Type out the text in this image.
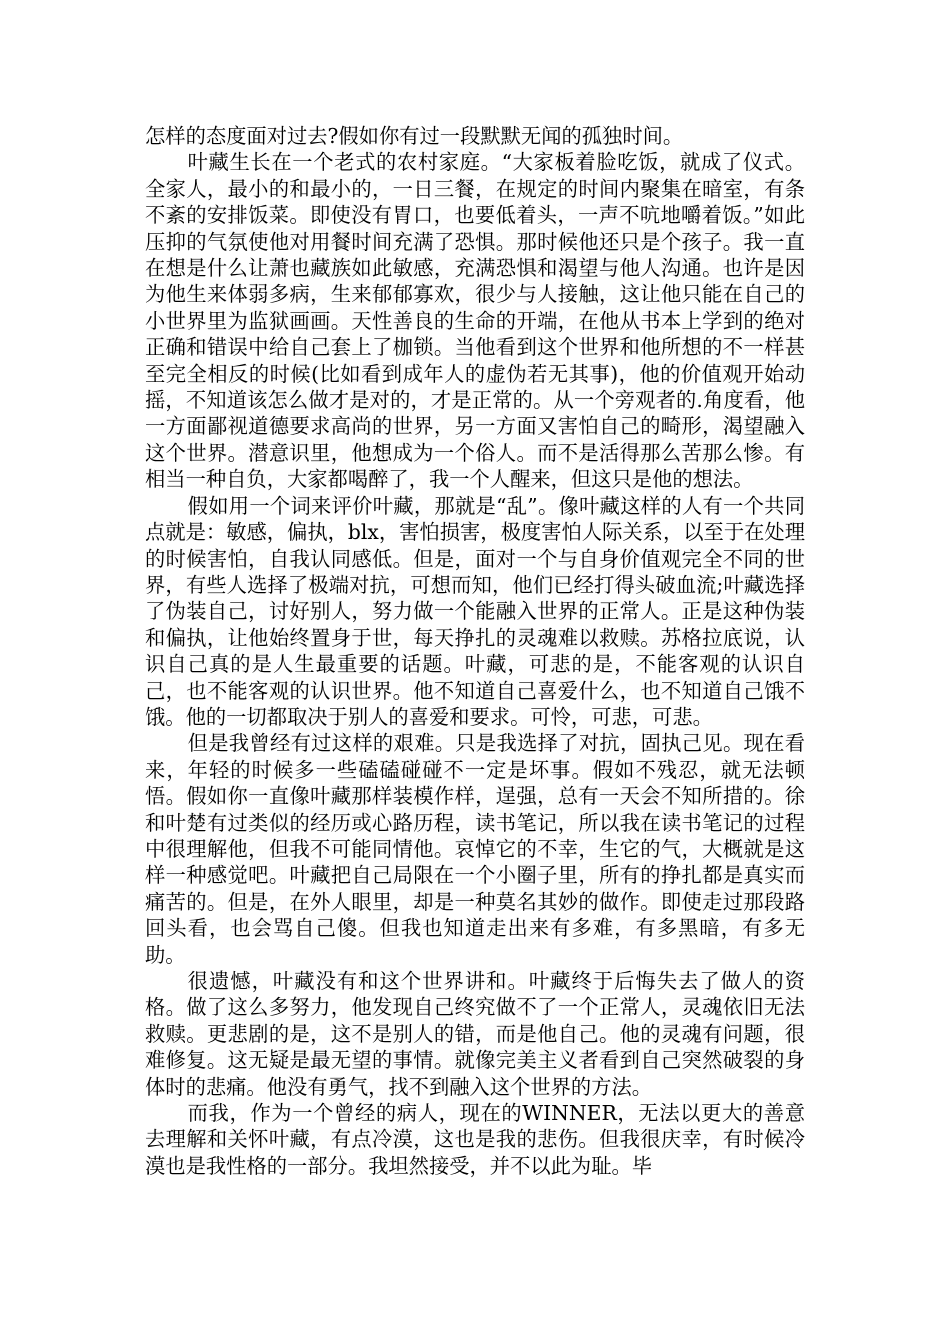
怎样的态度面对过去?假如你有过一段默默无闻的孤独时间。

叶藏生长在一个老式的农村家庭。“大家板着脸吃饭，就成了仪式。全家人，最小的和最小的，一日三餐，在规定的时间内聚集在暗室，有条不紊的安排饭菜。即使没有胃口，也要低着头，一声不吭地嚼着饭。”如此压抑的气氛使他对用餐时间充满了恐惧。那时候他还只是个孩子。我一直在想是什么让萧也藏族如此敏感，充满恐惧和渴望与他人沟通。也许是因为他生来体弱多病，生来郁郁寡欢，很少与人接触，这让他只能在自己的小世界里为监狱画画。天性善良的生命的开端，在他从书本上学到的绝对正确和错误中给自己套上了枷锁。当他看到这个世界和他所想的不一样甚至完全相反的时候(比如看到成年人的虚伪若无其事)，他的价值观开始动摇，不知道该怎么做才是对的，才是正常的。从一个旁观者的.角度看，他一方面鄙视道德要求高尚的世界，另一方面又害怕自己的畸形，渴望融入这个世界。潜意识里，他想成为一个俗人。而不是活得那么苦那么惨。有相当一种自负，大家都喝醉了，我一个人醒来，但这只是他的想法。

假如用一个词来评价叶藏，那就是“乱”。像叶藏这样的人有一个共同点就是：敏感，偏执，blx，害怕损害，极度害怕人际关系，以至于在处理的时候害怕，自我认同感低。但是，面对一个与自身价值观完全不同的世界，有些人选择了极端对抗，可想而知，他们已经打得头破血流;叶藏选择了伪装自己，讨好别人，努力做一个能融入世界的正常人。正是这种伪装和偏执，让他始终置身于世，每天挣扎的灵魂难以救赎。苏格拉底说，认识自己真的是人生最重要的话题。叶藏，可悲的是，不能客观的认识自己，也不能客观的认识世界。他不知道自己喜爱什么，也不知道自己饿不饿。他的一切都取决于别人的喜爱和要求。可怜，可悲，可悲。

但是我曾经有过这样的艰难。只是我选择了对抗，固执己见。现在看来，年轻的时候多一些磕磕碰碰不一定是坏事。假如不残忍，就无法顿悟。假如你一直像叶藏那样装模作样，逞强，总有一天会不知所措的。徐和叶楚有过类似的经历或心路历程，读书笔记，所以我在读书笔记的过程中很理解他，但我不可能同情他。哀悼它的不幸，生它的气，大概就是这样一种感觉吧。叶藏把自己局限在一个小圈子里，所有的挣扎都是真实而痛苦的。但是，在外人眼里，却是一种莫名其妙的做作。即使走过那段路回头看，也会骂自己傻。但我也知道走出来有多难，有多黑暗，有多无助。

很遗憾，叶藏没有和这个世界讲和。叶藏终于后悔失去了做人的资格。做了这么多努力，他发现自己终究做不了一个正常人，灵魂依旧无法救赎。更悲剧的是，这不是别人的错，而是他自己。他的灵魂有问题，很难修复。这无疑是最无望的事情。就像完美主义者看到自己突然破裂的身体时的悲痛。他没有勇气，找不到融入这个世界的方法。

而我，作为一个曾经的病人，现在的WINNER，无法以更大的善意去理解和关怀叶藏，有点冷漠，这也是我的悲伤。但我很庆幸，有时候冷漠也是我性格的一部分。我坦然接受，并不以此为耻。毕
